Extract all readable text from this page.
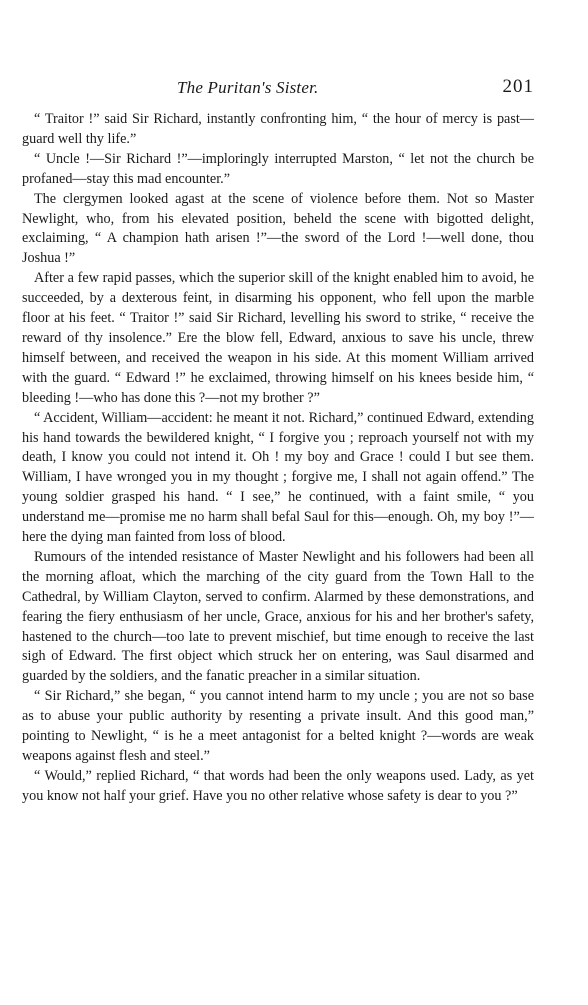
The Puritan's Sister.	201

“ Traitor !” said Sir Richard, instantly confronting him, “ the hour of mercy is past—guard well thy life.”

“ Uncle !—Sir Richard !”—imploringly interrupted Marston, “ let not the church be profaned—stay this mad encounter.”

The clergymen looked agast at the scene of violence before them. Not so Master Newlight, who, from his elevated position, beheld the scene with bigotted delight, exclaiming, “ A champion hath arisen !”—the sword of the Lord !—well done, thou Joshua !”

After a few rapid passes, which the superior skill of the knight enabled him to avoid, he succeeded, by a dexterous feint, in disarming his opponent, who fell upon the marble floor at his feet. “ Traitor !” said Sir Richard, levelling his sword to strike, “ receive the reward of thy insolence.” Ere the blow fell, Edward, anxious to save his uncle, threw himself between, and received the weapon in his side. At this moment William arrived with the guard. “ Edward !” he exclaimed, throwing himself on his knees beside him, “ bleeding !—who has done this ?—not my brother ?”

“ Accident, William—accident: he meant it not. Richard,” continued Edward, extending his hand towards the bewildered knight, “ I forgive you ; reproach yourself not with my death, I know you could not intend it. Oh ! my boy and Grace ! could I but see them. William, I have wronged you in my thought ; forgive me, I shall not again offend.” The young soldier grasped his hand. “ I see,” he continued, with a faint smile, “ you understand me—promise me no harm shall befal Saul for this—enough. Oh, my boy !”—here the dying man fainted from loss of blood.

Rumours of the intended resistance of Master Newlight and his followers had been all the morning afloat, which the marching of the city guard from the Town Hall to the Cathedral, by William Clayton, served to confirm. Alarmed by these demonstrations, and fearing the fiery enthusiasm of her uncle, Grace, anxious for his and her brother's safety, hastened to the church—too late to prevent mischief, but time enough to receive the last sigh of Edward. The first object which struck her on entering, was Saul disarmed and guarded by the soldiers, and the fanatic preacher in a similar situation.

“ Sir Richard,” she began, “ you cannot intend harm to my uncle ; you are not so base as to abuse your public authority by resenting a private insult. And this good man,” pointing to Newlight, “ is he a meet antagonist for a belted knight ?—words are weak weapons against flesh and steel.”

“ Would,” replied Richard, “ that words had been the only weapons used. Lady, as yet you know not half your grief. Have you no other relative whose safety is dear to you ?”
